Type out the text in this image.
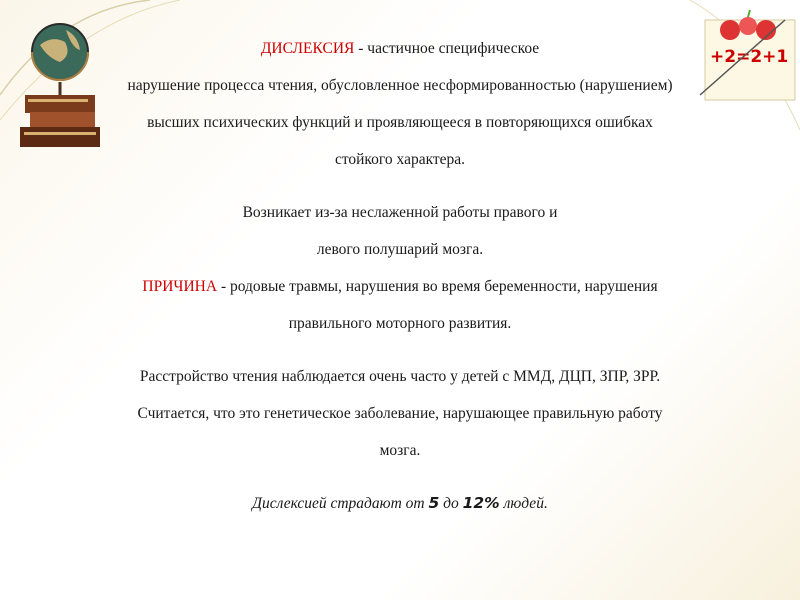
+2=2+1
ДИСЛЕКСИЯ - частичное специфическое
нарушение процесса чтения, обусловленное несформированностью (нарушением)
высших психических функций и проявляющееся в повторяющихся ошибках
стойкого характера.
Возникает из-за неслаженной работы правого и
левого полушарий мозга.
ПРИЧИНА - родовые травмы, нарушения во время беременности, нарушения
правильного моторного развития.
Расстройство чтения наблюдается очень часто у детей с ММД, ДЦП, ЗПР, ЗРР.
Считается, что это генетическое заболевание, нарушающее правильную работу
мозга.
Дислексией страдают от 5 до 12% людей.
